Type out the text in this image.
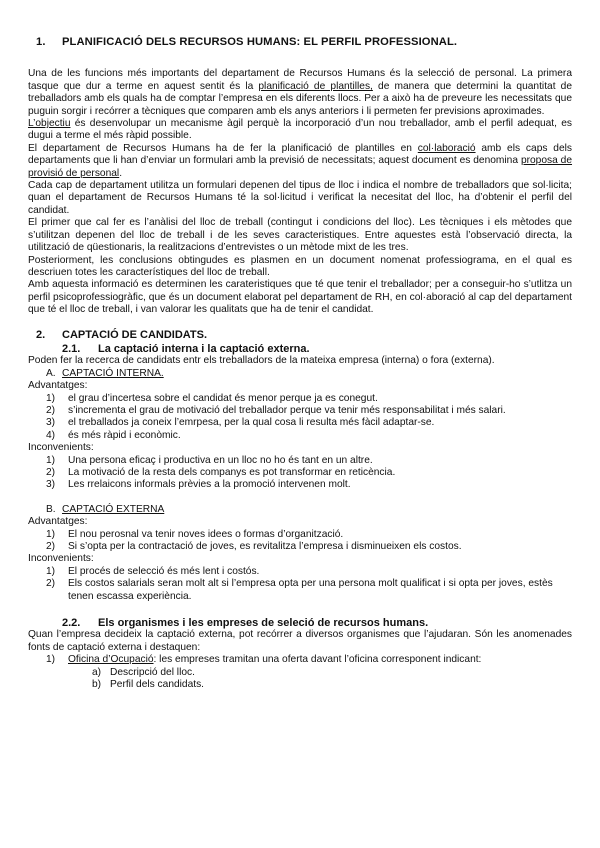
1. PLANIFICACIÓ DELS RECURSOS HUMANS: EL PERFIL PROFESSIONAL.
Una de les funcions més importants del departament de Recursos Humans és la selecció de personal. La primera tasque que dur a terme en aquest sentit és la planificació de plantilles, de manera que determini la quantitat de treballadors amb els quals ha de comptar l’empresa en els diferents llocs. Per a això ha de preveure les necessitats que puguin sorgir i recórrer a tècniques que comparen amb els anys anteriors i li permeten fer previsions aproximades.
L’objectiu és desenvolupar un mecanisme àgil perquè la incorporació d’un nou treballador, amb el perfil adequat, es dugui a terme el més ràpid possible.
El departament de Recursos Humans ha de fer la planificació de plantilles en col·laboració amb els caps dels departaments que li han d’enviar un formulari amb la previsió de necessitats; aquest document es denomina proposa de provisió de personal.
Cada cap de departament utilitza un formulari depenen del tipus de lloc i indica el nombre de treballadors que sol·licita; quan el departament de Recursos Humans té la sol·licitud i verificat la necesitat del lloc, ha d’obtenir el perfil del candidat.
El primer que cal fer es l’anàlisi del lloc de treball (contingut i condicions del lloc). Les tècniques i els mètodes que s’utilitzan depenen del lloc de treball i de les seves caracteristiques. Entre aquestes està l’observació directa, la utilització de qüestionaris, la realitzacions d’entrevistes o un mètode mixt de les tres.
Posteriorment, les conclusions obtingudes es plasmen en un document nomenat professiograma, en el qual es descriuen totes les característiques del lloc de treball.
Amb aquesta informació es determinen les carateristiques que té que tenir el treballador; per a conseguir-ho s’utlitza un perfil psicoprofessiogràfic, que és un document elaborat pel departament de RH, en col·aboració al cap del departament que té el lloc de treball, i van valorar les qualitats que ha de tenir el candidat.
2. CAPTACIÓ DE CANDIDATS.
2.1. La captació interna i la captació externa.
Poden fer la recerca de candidats entr els treballadors de la mateixa empresa (interna) o fora (externa).
A. CAPTACIÓ INTERNA.
Advantatges:
1) el grau d’incertesa sobre el candidat és menor perque ja es conegut.
2) s’incrementa el grau de motivació del treballador perque va tenir més responsabilitat i més salari.
3) el treballados ja coneix l’emrpesa, per la qual cosa li resulta més fàcil adaptar-se.
4) és més ràpid i econòmic.
Inconvenients:
1) Una persona eficaç i productiva en un lloc no ho és tant en un altre.
2) La motivació de la resta dels companys es pot transformar en reticència.
3) Les rrelaicons informals prèvies a la promoció intervenen molt.
B. CAPTACIÓ EXTERNA
Advantatges:
1) El nou perosnal va tenir noves idees o formas d’organització.
2) Si s’opta per la contractació de joves, es revitalitza l’empresa i disminueixen els costos.
Inconvenients:
1) El procés de selecció és més lent i costós.
2) Els costos salarials seran molt alt si l’empresa opta per una persona molt qualificat i si opta per joves, estès tenen escassa experiència.
2.2. Els organismes i les empreses de seleció de recursos humans.
Quan l’empresa decideix la captació externa, pot recórrer a diversos organismes que l’ajudaran. Són les anomenades fonts de captació externa i destaquen:
1) Oficina d’Ocupació: les empreses tramitan una oferta davant l’oficina corresponent indicant:
a) Descripció del lloc.
b) Perfil dels candidats.
